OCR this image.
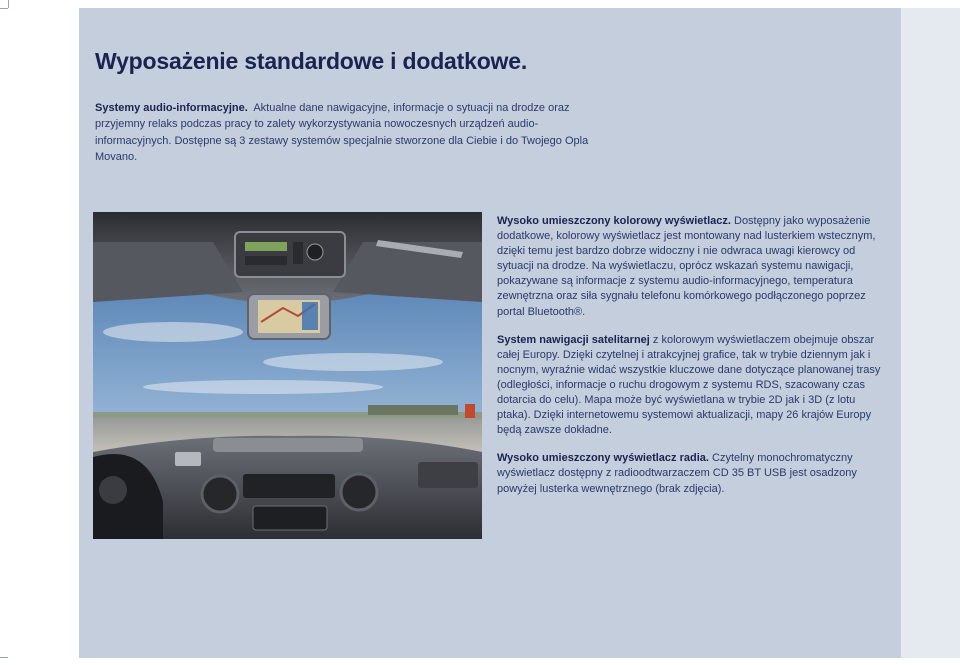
Wyposażenie standardowe i dodatkowe.

Systemy audio-informacyjne. Aktualne dane nawigacyjne, informacje o sytuacji na drodze oraz przyjemny relaks podczas pracy to zalety wykorzystywania nowoczesnych urządzeń audio-informacyjnych. Dostępne są 3 zestawy systemów specjalnie stworzone dla Ciebie i do Twojego Opla Movano.

Wysoko umieszczony kolorowy wyświetlacz. Dostępny jako wyposażenie dodatkowe, kolorowy wyświetlacz jest montowany nad lusterkiem wstecznym, dzięki temu jest bardzo dobrze widoczny i nie odwraca uwagi kierowcy od sytuacji na drodze. Na wyświetlaczu, oprócz wskazań systemu nawigacji, pokazywane są informacje z systemu audio-informacyjnego, temperatura zewnętrzna oraz siła sygnału telefonu komórkowego podłączonego poprzez portal Bluetooth®.

System nawigacji satelitarnej z kolorowym wyświetlaczem obejmuje obszar całej Europy. Dzięki czytelnej i atrakcyjnej grafice, tak w trybie dziennym jak i nocnym, wyraźnie widać wszystkie kluczowe dane dotyczące planowanej trasy (odległości, informacje o ruchu drogowym z systemu RDS, szacowany czas dotarcia do celu). Mapa może być wyświetlana w trybie 2D jak i 3D (z lotu ptaka). Dzięki internetowemu systemowi aktualizacji, mapy 26 krajów Europy będą zawsze dokładne.

Wysoko umieszczony wyświetlacz radia. Czytelny monochromatyczny wyświetlacz dostępny z radioodtwarzaczem CD 35 BT USB jest osadzony powyżej lusterka wewnętrznego (brak zdjęcia).
